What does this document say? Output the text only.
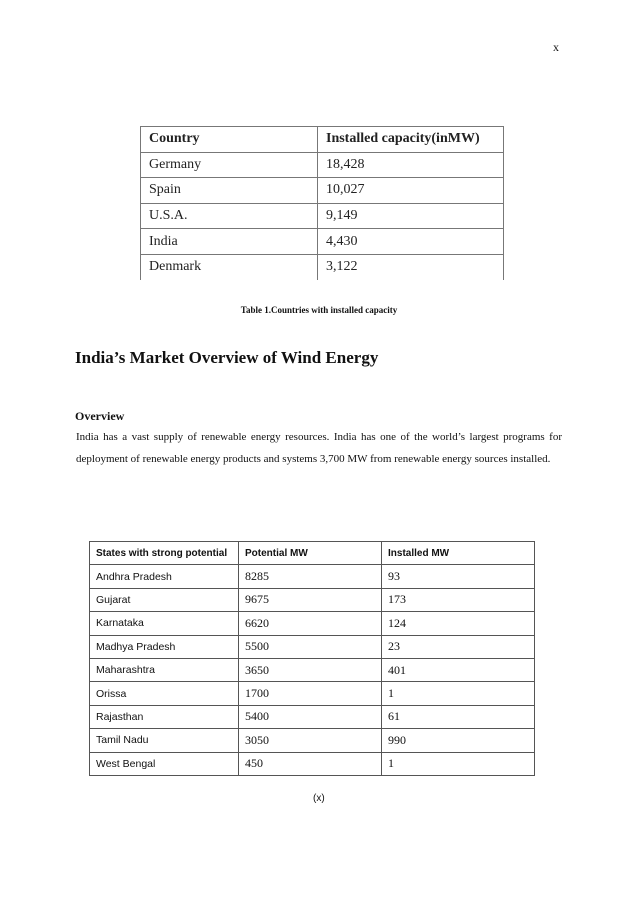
x
Country	Installed capacity(inMW)
Germany	18,428
Spain	10,027
U.S.A.	9,149
India	4,430
Denmark	3,122
Table 1.Countries with installed capacity
India’s Market Overview of Wind Energy
Overview

India has a vast supply of renewable energy resources. India has one of the world’s largest programs for deployment of renewable energy products and systems 3,700 MW from renewable energy sources installed.

States with strong potential	Potential MW	Installed MW
Andhra Pradesh	8285	93
Gujarat	9675	173
Karnataka	6620	124
Madhya Pradesh	5500	23
Maharashtra	3650	401
Orissa	1700	1
Rajasthan	5400	61
Tamil Nadu	3050	990
West Bengal	450	1
(x)
